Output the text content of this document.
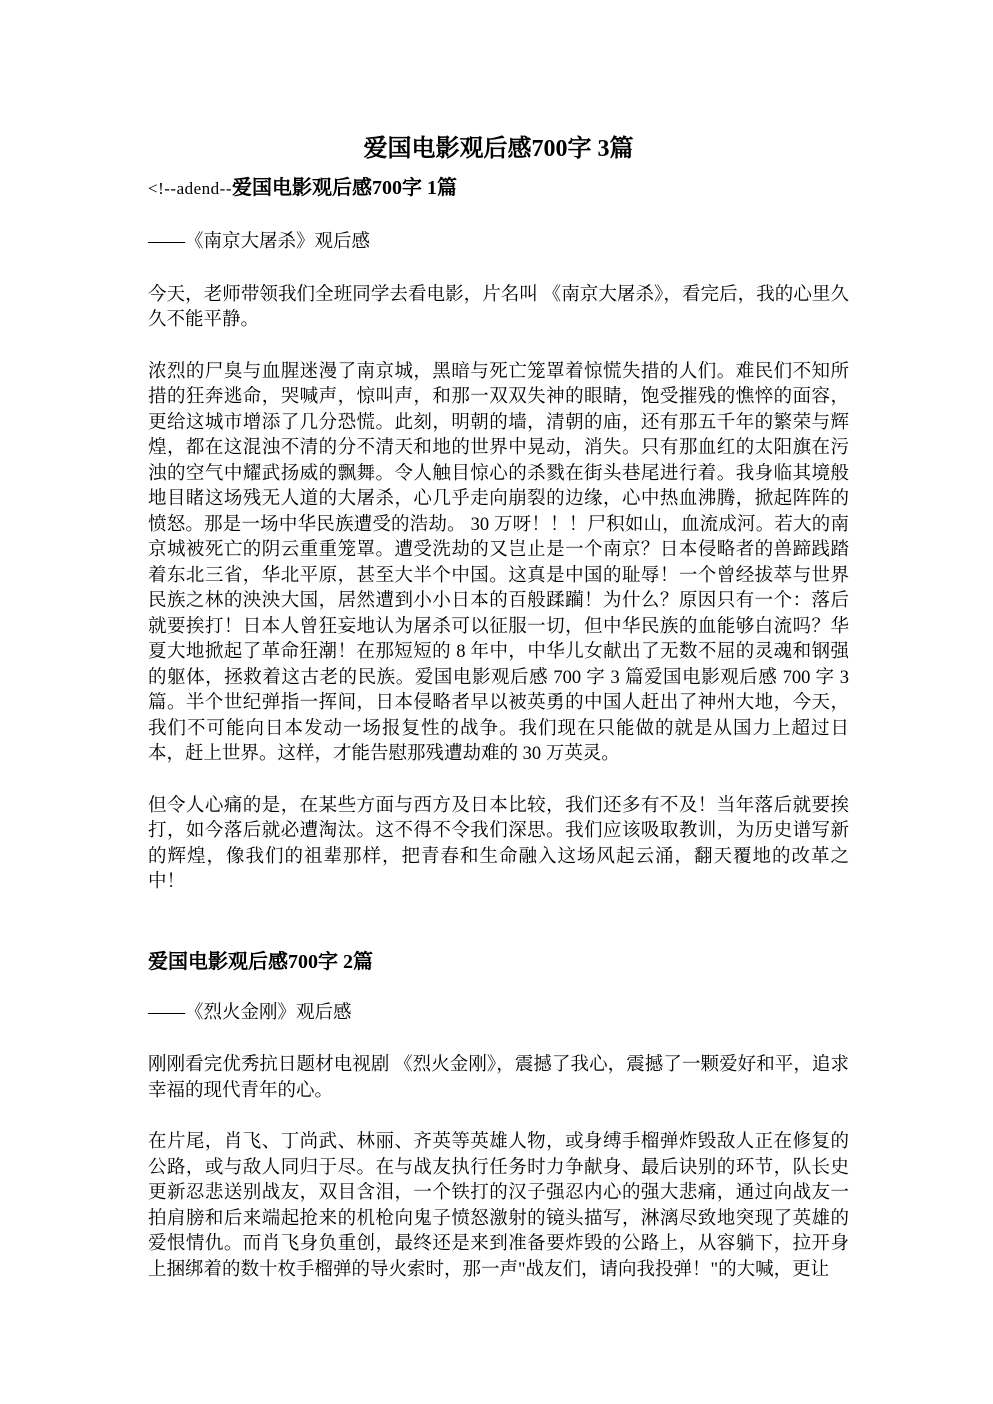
爱国电影观后感700字 3篇

<!--adend--爱国电影观后感700字 1篇

——《南京大屠杀》观后感

今天，老师带领我们全班同学去看电影，片名叫 《南京大屠杀》，看完后，我的心里久久不能平静。

浓烈的尸臭与血腥迷漫了南京城，黑暗与死亡笼罩着惊慌失措的人们。难民们不知所措的狂奔逃命，哭喊声，惊叫声，和那一双双失神的眼睛，饱受摧残的憔悴的面容，更给这城市增添了几分恐慌。此刻，明朝的墙，清朝的庙，还有那五千年的繁荣与辉煌，都在这混浊不清的分不清天和地的世界中晃动，消失。只有那血红的太阳旗在污浊的空气中耀武扬威的飘舞。令人触目惊心的杀戮在街头巷尾进行着。我身临其境般地目睹这场残无人道的大屠杀，心几乎走向崩裂的边缘，心中热血沸腾，掀起阵阵的愤怒。那是一场中华民族遭受的浩劫。 30 万呀！！！尸积如山，血流成河。若大的南京城被死亡的阴云重重笼罩。遭受洗劫的又岂止是一个南京？日本侵略者的兽蹄践踏着东北三省，华北平原，甚至大半个中国。这真是中国的耻辱！一个曾经拔萃与世界民族之林的泱泱大国，居然遭到小小日本的百般蹂躏！为什么？原因只有一个：落后就要挨打！日本人曾狂妄地认为屠杀可以征服一切，但中华民族的血能够白流吗？华夏大地掀起了革命狂潮！在那短短的 8 年中，中华儿女献出了无数不屈的灵魂和钢强的躯体，拯救着这古老的民族。爱国电影观后感 700 字 3 篇爱国电影观后感 700 字 3 篇。半个世纪弹指一挥间，日本侵略者早以被英勇的中国人赶出了神州大地，今天，我们不可能向日本发动一场报复性的战争。我们现在只能做的就是从国力上超过日本，赶上世界。这样，才能告慰那残遭劫难的 30 万英灵。

但令人心痛的是，在某些方面与西方及日本比较，我们还多有不及！当年落后就要挨打，如今落后就必遭淘汰。这不得不令我们深思。我们应该吸取教训，为历史谱写新的辉煌，像我们的祖辈那样，把青春和生命融入这场风起云涌，翻天覆地的改革之中！

爱国电影观后感700字 2篇

——《烈火金刚》观后感

刚刚看完优秀抗日题材电视剧 《烈火金刚》，震撼了我心，震撼了一颗爱好和平，追求幸福的现代青年的心。

在片尾，肖飞、丁尚武、林丽、齐英等英雄人物，或身缚手榴弹炸毁敌人正在修复的公路，或与敌人同归于尽。在与战友执行任务时力争献身、最后诀别的环节，队长史更新忍悲送别战友，双目含泪，一个铁打的汉子强忍内心的强大悲痛，通过向战友一拍肩膀和后来端起抢来的机枪向鬼子愤怒激射的镜头描写，淋漓尽致地突现了英雄的爱恨情仇。而肖飞身负重创，最终还是来到准备要炸毁的公路上，从容躺下，拉开身上捆绑着的数十枚手榴弹的导火索时，那一声"战友们，请向我投弹！"的大喊，更让
